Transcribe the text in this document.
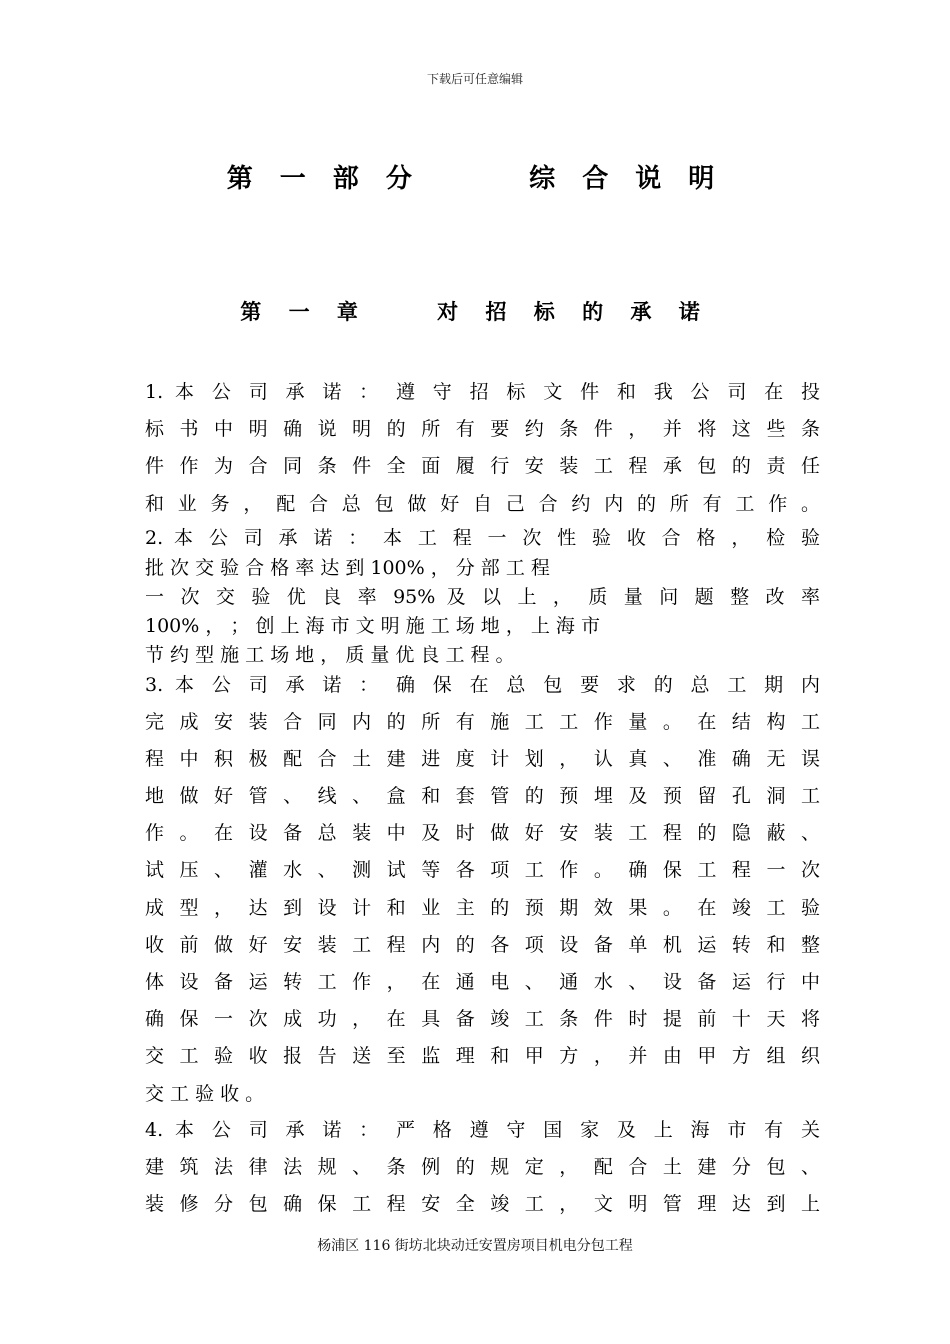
下载后可任意编辑
第 一 部 分      综 合 说 明
第 一 章    对 招 标 的 承 诺
1. 本 公 司 承 诺 ： 遵 守 招 标 文 件 和 我 公 司 在 投
标 书 中 明 确 说 明 的 所 有 要 约 条 件 ， 并 将 这 些 条
件 作 为 合 同 条 件 全 面 履 行 安 装 工 程 承 包 的 责 任
和 业 务 ， 配 合 总 包 做 好 自 己 合 约 内 的 所 有 工 作 。
2. 本 公 司 承 诺 ： 本 工 程 一 次 性 验 收 合 格 ， 检 验
批 次 交 验 合 格 率 达 到 100% ， 分 部 工 程
一 次 交 验 优 良 率 95% 及 以 上 ， 质 量 问 题 整 改 率
100% ， ； 创 上 海 市 文 明 施 工 场 地 ， 上 海 市
节 约 型 施 工 场 地 ， 质 量 优 良 工 程 。
3. 本 公 司 承 诺 ： 确 保 在 总 包 要 求 的 总 工 期 内
完 成 安 装 合 同 内 的 所 有 施 工 工 作 量 。 在 结 构 工
程 中 积 极 配 合 土 建 进 度 计 划 ， 认 真 、 准 确 无 误
地 做 好 管 、 线 、 盒 和 套 管 的 预 埋 及 预 留 孔 洞 工
作 。 在 设 备 总 装 中 及 时 做 好 安 装 工 程 的 隐 蔽 、
试 压 、 灌 水 、 测 试 等 各 项 工 作 。 确 保 工 程 一 次
成 型 ， 达 到 设 计 和 业 主 的 预 期 效 果 。 在 竣 工 验
收 前 做 好 安 装 工 程 内 的 各 项 设 备 单 机 运 转 和 整
体 设 备 运 转 工 作 ， 在 通 电 、 通 水 、 设 备 运 行 中
确 保 一 次 成 功 ， 在 具 备 竣 工 条 件 时 提 前 十 天 将
交 工 验 收 报 告 送 至 监 理 和 甲 方 ， 并 由 甲 方 组 织
交 工 验 收 。
4. 本 公 司 承 诺 ： 严 格 遵 守 国 家 及 上 海 市 有 关
建 筑 法 律 法 规 、 条 例 的 规 定 ， 配 合 土 建 分 包 、
装 修 分 包 确 保 工 程 安 全 竣 工 ， 文 明 管 理 达 到 上
杨浦区 116 街坊北块动迁安置房项目机电分包工程
